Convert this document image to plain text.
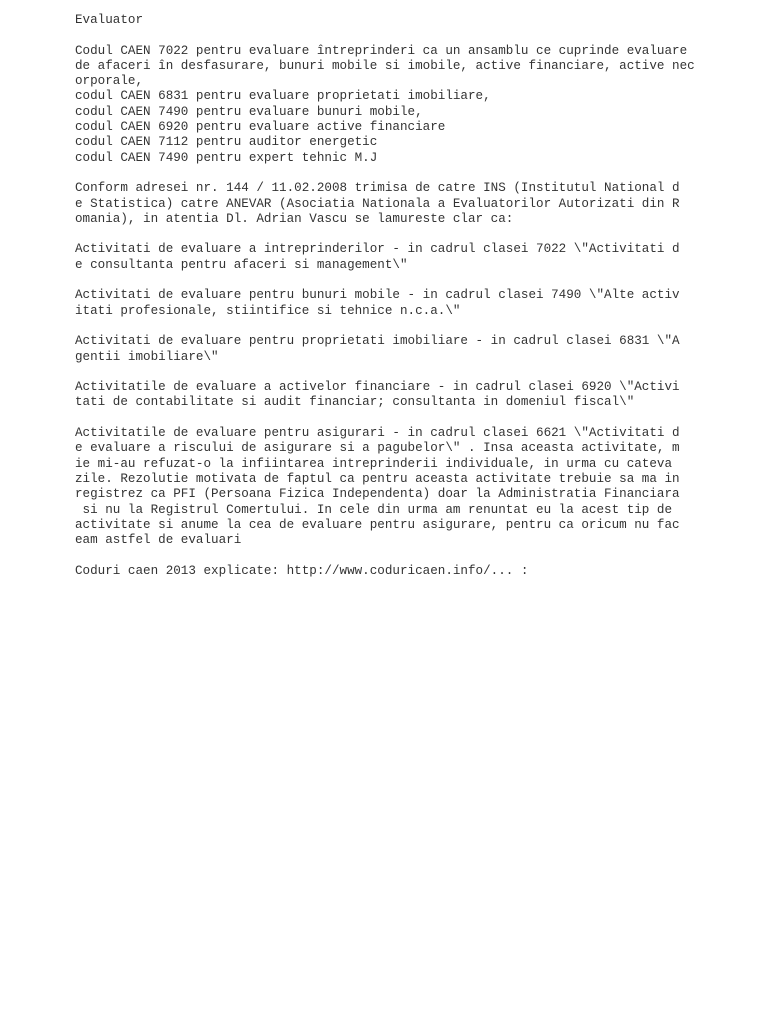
Evaluator
Codul CAEN 7022 pentru evaluare întreprinderi ca un ansamblu ce cuprinde evaluare
de afaceri în desfasurare, bunuri mobile si imobile, active financiare, active nec
orporale,
codul CAEN 6831 pentru evaluare proprietati imobiliare,
codul CAEN 7490 pentru evaluare bunuri mobile,
codul CAEN 6920 pentru evaluare active financiare
codul CAEN 7112 pentru auditor energetic
codul CAEN 7490 pentru expert tehnic M.J
Conform adresei nr. 144 / 11.02.2008 trimisa de catre INS (Institutul National d
e Statistica) catre ANEVAR (Asociatia Nationala a Evaluatorilor Autorizati din R
omania), in atentia Dl. Adrian Vascu se lamureste clar ca:
Activitati de evaluare a intreprinderilor - in cadrul clasei 7022 \"Activitati d
e consultanta pentru afaceri si management\"
Activitati de evaluare pentru bunuri mobile - in cadrul clasei 7490 \"Alte activ
itati profesionale, stiintifice si tehnice n.c.a.\"
Activitati de evaluare pentru proprietati imobiliare - in cadrul clasei 6831 \"A
gentii imobiliare\"
Activitatile de evaluare a activelor financiare - in cadrul clasei 6920 \"Activi
tati de contabilitate si audit financiar; consultanta in domeniul fiscal\"
Activitatile de evaluare pentru asigurari - in cadrul clasei 6621 \"Activitati d
e evaluare a riscului de asigurare si a pagubelor\" . Insa aceasta activitate, m
ie mi-au refuzat-o la infiintarea intreprinderii individuale, in urma cu cateva
zile. Rezolutie motivata de faptul ca pentru aceasta activitate trebuie sa ma in
registrez ca PFI (Persoana Fizica Independenta) doar la Administratia Financiara
si nu la Registrul Comertului. In cele din urma am renuntat eu la acest tip de
activitate si anume la cea de evaluare pentru asigurare, pentru ca oricum nu fac
eam astfel de evaluari
Coduri caen 2013 explicate: http://www.coduricaen.info/... :
